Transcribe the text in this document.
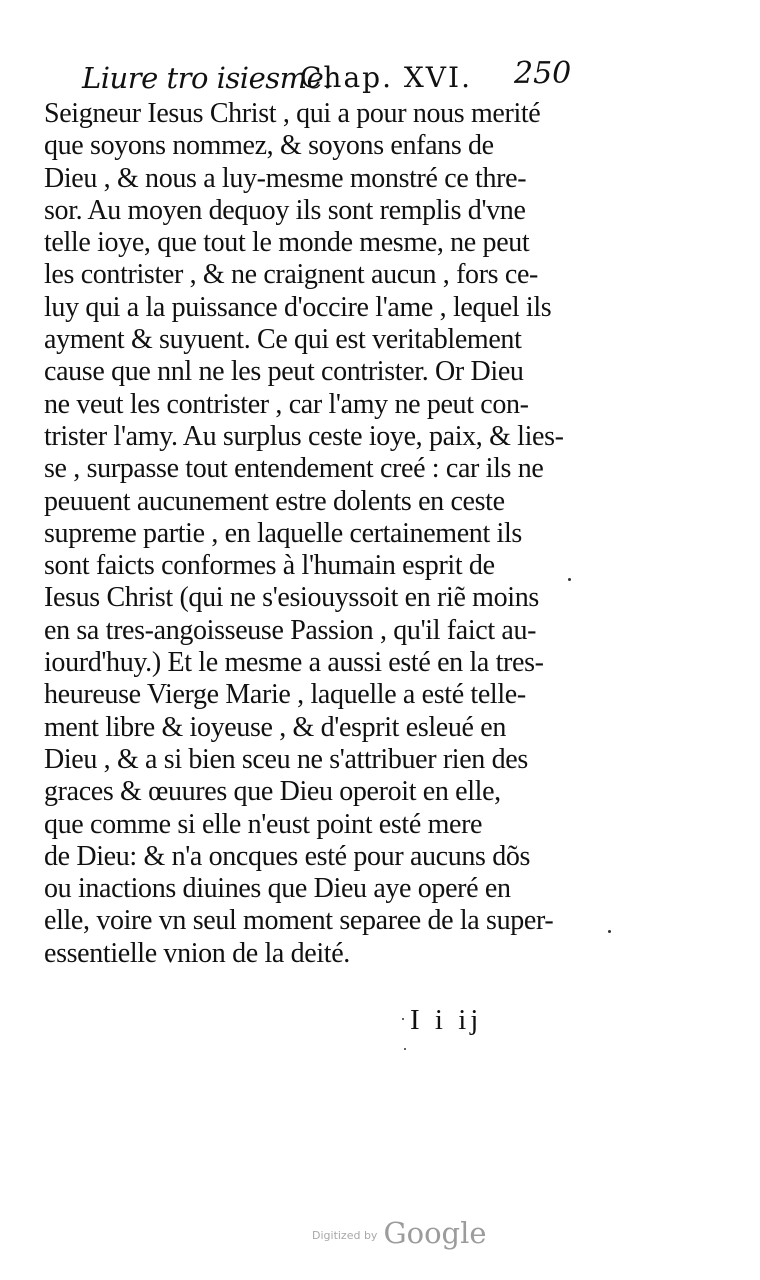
Liure tro isiesme.
Chap. XVI. 250
Seigneur Iesus Christ , qui a pour nous merité
que soyons nommez, & soyons enfans de
Dieu , & nous a luy-mesme monstré ce thre-
sor. Au moyen dequoy ils sont remplis d'vne
telle ioye, que tout le monde mesme, ne peut
les contrister , & ne craignent aucun , fors ce-
luy qui a la puissance d'occire l'ame , lequel ils
ayment & suyuent. Ce qui est veritablement
cause que nnl ne les peut contrister. Or Dieu
ne veut les contrister , car l'amy ne peut con-
trister l'amy. Au surplus ceste ioye, paix, & lies-
se , surpasse tout entendement creé : car ils ne
peuuent aucunement estre dolents en ceste
supreme partie , en laquelle certainement ils
sont faicts conformes à l'humain esprit de
Iesus Christ (qui ne s'esiouyssoit en riẽ moins
en sa tres-angoisseuse Passion , qu'il faict au-
iourd'huy.) Et le mesme a aussi esté en la tres-
heureuse Vierge Marie , laquelle a esté telle-
ment libre & ioyeuse , & d'esprit esleué en
Dieu , & a si bien sceu ne s'attribuer rien des
graces & œuures que Dieu operoit en elle,
que comme si elle n'eust point esté mere
de Dieu: & n'a oncques esté pour aucuns dõs
ou inactions diuines que Dieu aye operé en
elle, voire vn seul moment separee de la super-
essentielle vnion de la deité.
I i ij
$^{Digitized by}$ Google
